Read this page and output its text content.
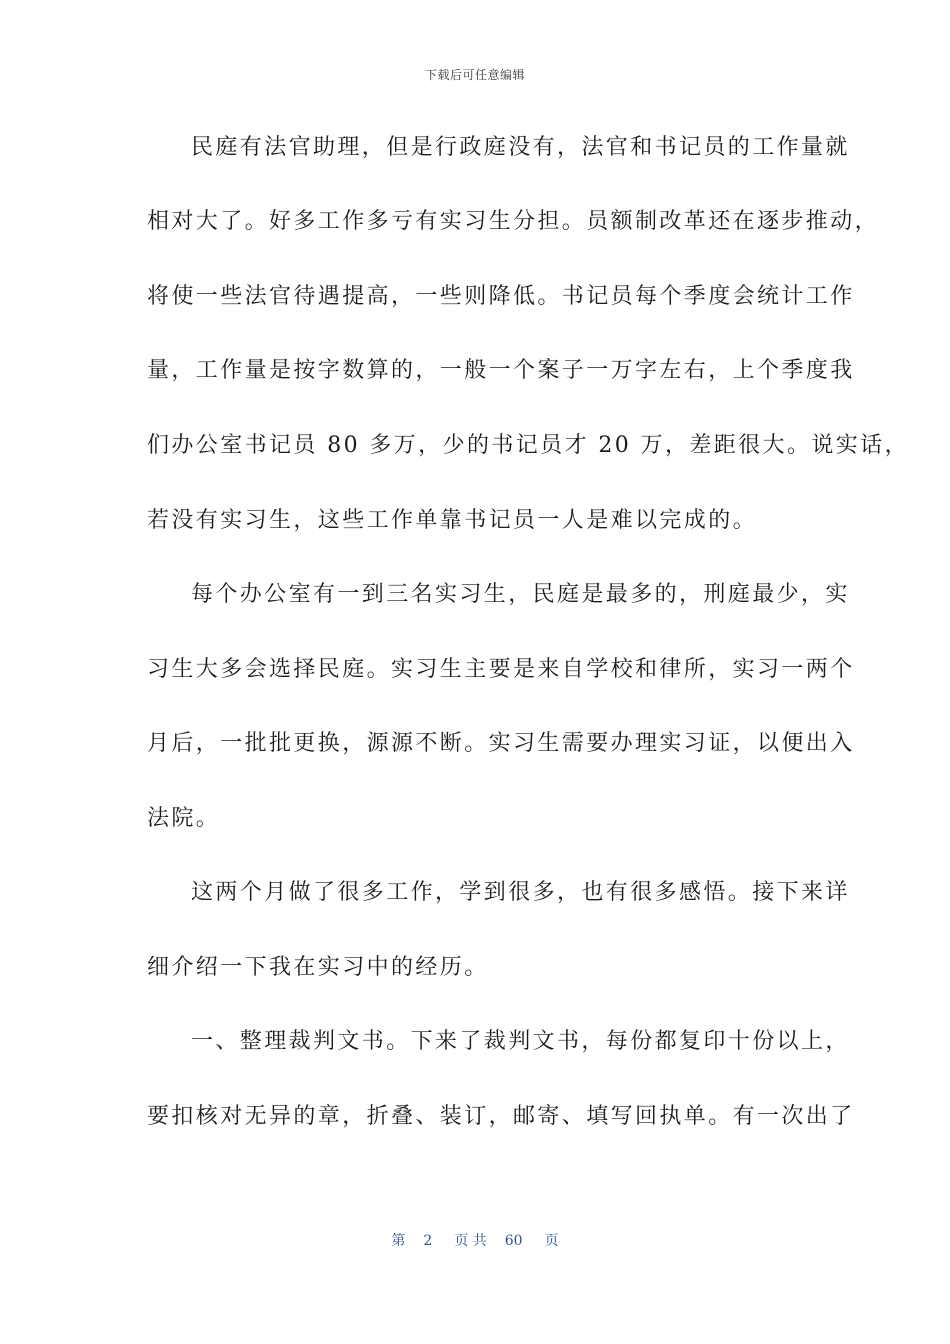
下载后可任意编辑
民庭有法官助理，但是行政庭没有，法官和书记员的工作量就
相对大了。好多工作多亏有实习生分担。员额制改革还在逐步推动，
将使一些法官待遇提高，一些则降低。书记员每个季度会统计工作
量，工作量是按字数算的，一般一个案子一万字左右，上个季度我
们办公室书记员 80 多万，少的书记员才 20 万，差距很大。说实话，
若没有实习生，这些工作单靠书记员一人是难以完成的。
每个办公室有一到三名实习生，民庭是最多的，刑庭最少，实
习生大多会选择民庭。实习生主要是来自学校和律所，实习一两个
月后，一批批更换，源源不断。实习生需要办理实习证，以便出入
法院。
这两个月做了很多工作，学到很多，也有很多感悟。接下来详
细介绍一下我在实习中的经历。
一、整理裁判文书。下来了裁判文书，每份都复印十份以上，
要扣核对无异的章，折叠、装订，邮寄、填写回执单。有一次出了
第 2 页 共 60 页
